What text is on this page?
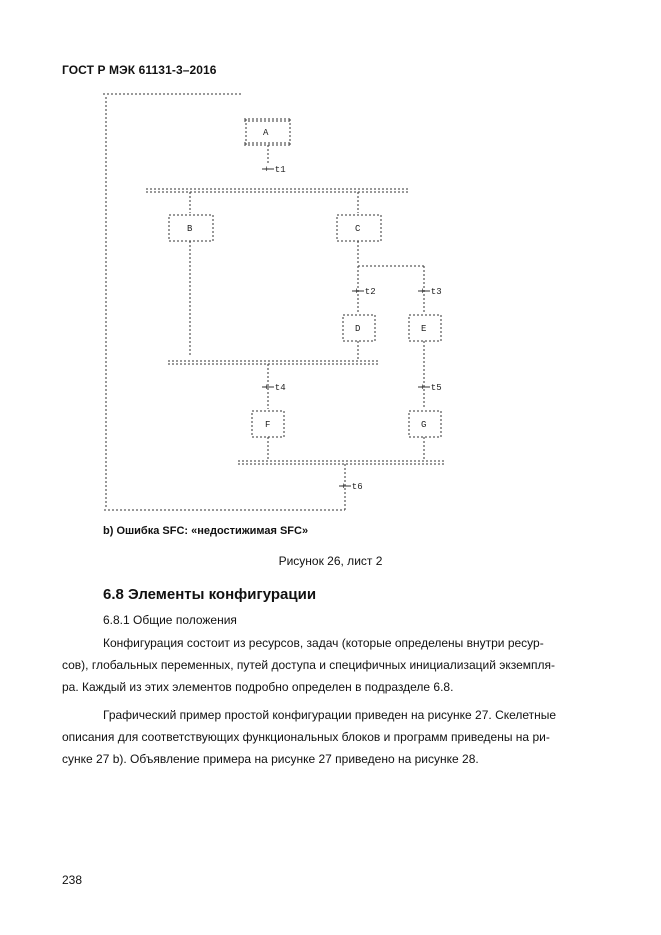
ГОСТ Р МЭК 61131-3–2016
A
B	C
D	E
F	G
+ t1
+ t2	+ t3
+ t4	+ t5
+ t6
b) Ошибка SFC: «недостижимая SFC»
Рисунок 26, лист 2
6.8 Элементы конфигурации
6.8.1 Общие положения
Конфигурация состоит из ресурсов, задач (которые определены внутри ресур-
сов), глобальных переменных, путей доступа и специфичных инициализаций экземпля-
ра. Каждый из этих элементов подробно определен в подразделе 6.8.
Графический пример простой конфигурации приведен на рисунке 27. Скелетные
описания для соответствующих функциональных блоков и программ приведены на ри-
сунке 27 b). Объявление примера на рисунке 27 приведено на рисунке 28.
238
